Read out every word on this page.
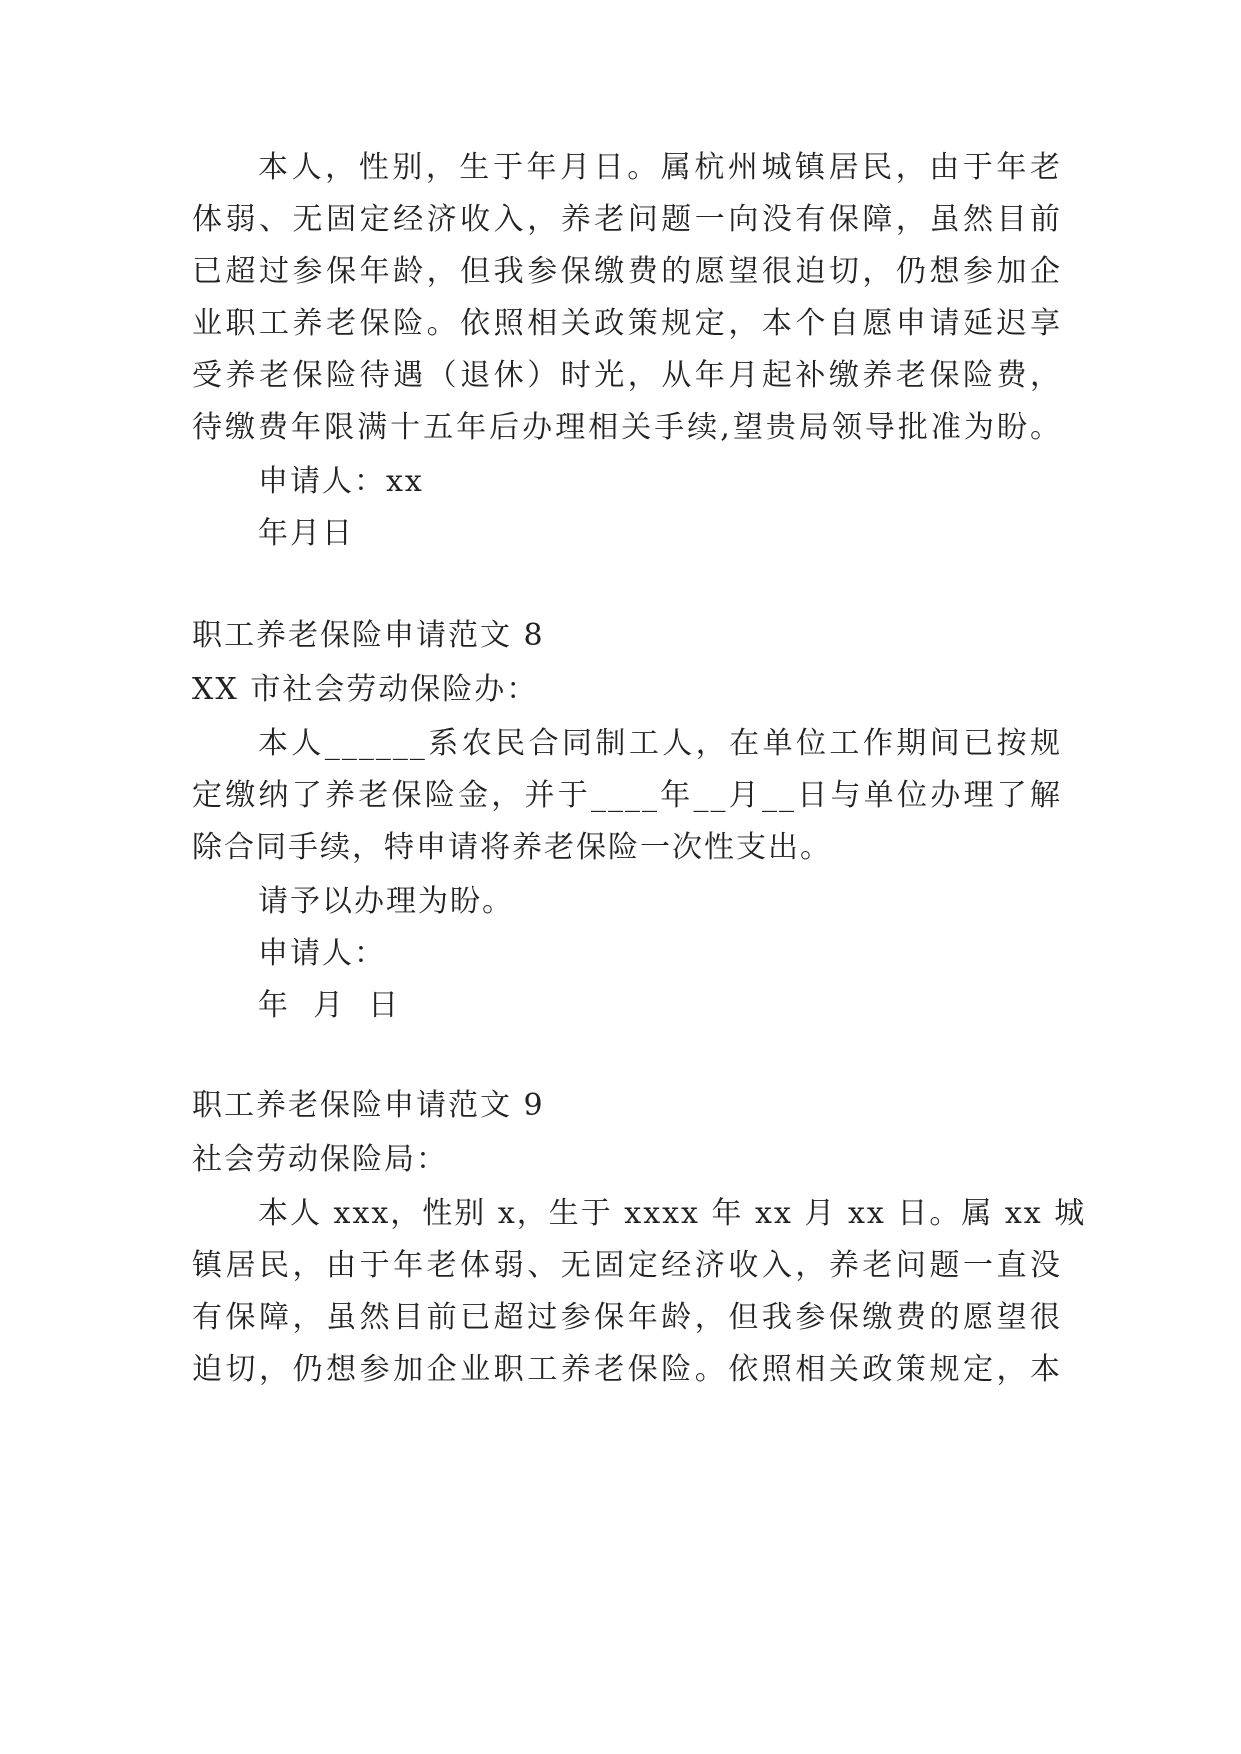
本人，性别，生于年月日。属杭州城镇居民，由于年老
体弱、无固定经济收入，养老问题一向没有保障，虽然目前
已超过参保年龄，但我参保缴费的愿望很迫切，仍想参加企
业职工养老保险。依照相关政策规定，本个自愿申请延迟享
受养老保险待遇（退休）时光，从年月起补缴养老保险费，
待缴费年限满十五年后办理相关手续,望贵局领导批准为盼。
申请人：xx
年月日
职工养老保险申请范文 8
XX 市社会劳动保险办：
本人______系农民合同制工人，在单位工作期间已按规
定缴纳了养老保险金，并于____年__月__日与单位办理了解
除合同手续，特申请将养老保险一次性支出。
请予以办理为盼。
申请人：
年  月  日
职工养老保险申请范文 9
社会劳动保险局：
本人 xxx，性别 x，生于 xxxx 年 xx 月 xx 日。属 xx 城
镇居民，由于年老体弱、无固定经济收入，养老问题一直没
有保障，虽然目前已超过参保年龄，但我参保缴费的愿望很
迫切，仍想参加企业职工养老保险。依照相关政策规定，本
